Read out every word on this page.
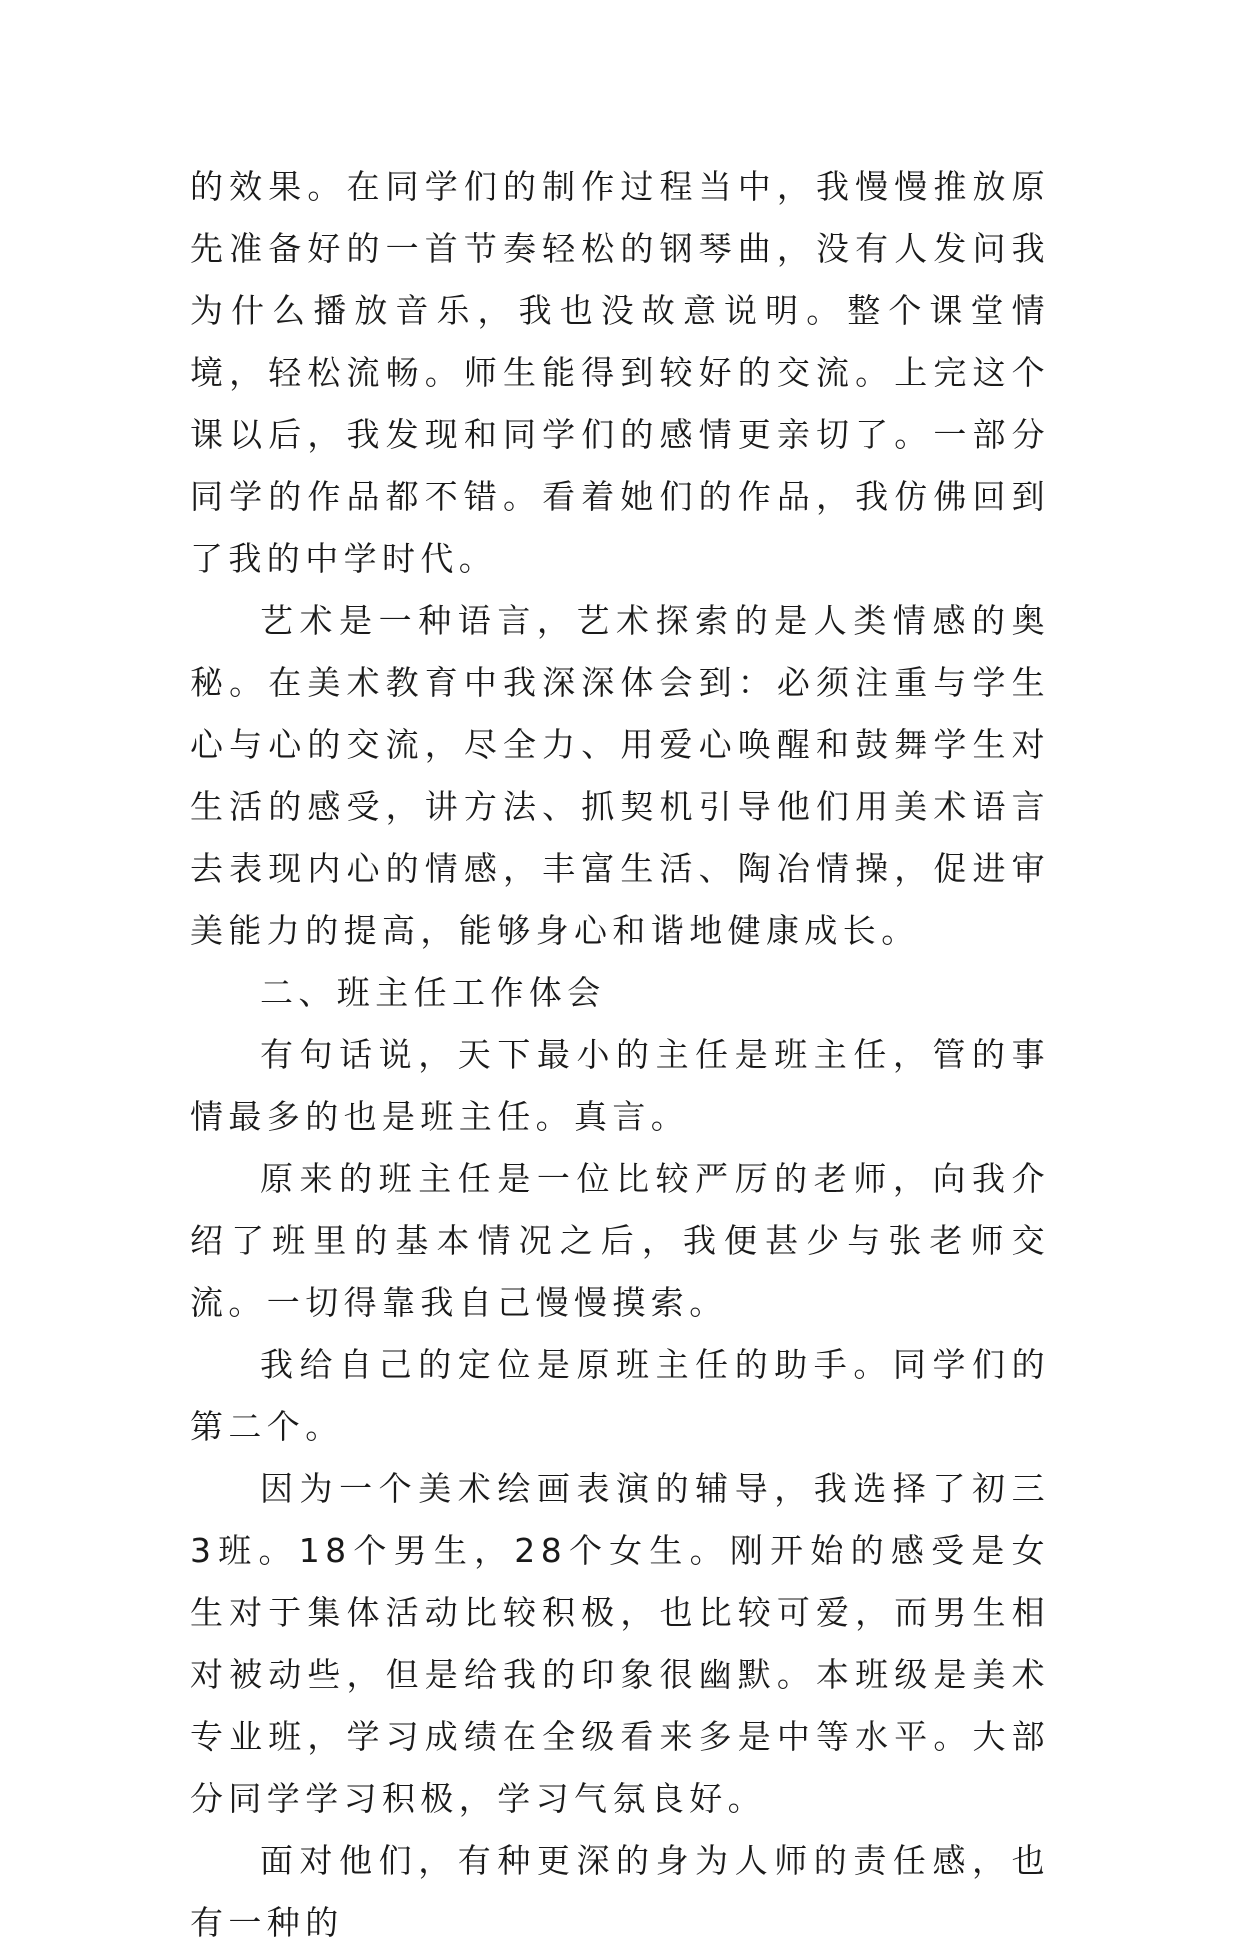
的效果。在同学们的制作过程当中，我慢慢推放原先准备好的一首节奏轻松的钢琴曲，没有人发问我为什么播放音乐，我也没故意说明。整个课堂情境，轻松流畅。师生能得到较好的交流。上完这个课以后，我发现和同学们的感情更亲切了。一部分同学的作品都不错。看着她们的作品，我仿佛回到了我的中学时代。

艺术是一种语言，艺术探索的是人类情感的奥秘。在美术教育中我深深体会到：必须注重与学生心与心的交流，尽全力、用爱心唤醒和鼓舞学生对生活的感受，讲方法、抓契机引导他们用美术语言去表现内心的情感，丰富生活、陶冶情操，促进审美能力的提高，能够身心和谐地健康成长。

二、班主任工作体会

有句话说，天下最小的主任是班主任，管的事情最多的也是班主任。真言。

原来的班主任是一位比较严厉的老师，向我介绍了班里的基本情况之后，我便甚少与张老师交流。一切得靠我自己慢慢摸索。

我给自己的定位是原班主任的助手。同学们的第二个。

因为一个美术绘画表演的辅导，我选择了初三3班。18个男生，28个女生。刚开始的感受是女生对于集体活动比较积极，也比较可爱，而男生相对被动些，但是给我的印象很幽默。本班级是美术专业班，学习成绩在全级看来多是中等水平。大部分同学学习积极，学习气氛良好。

面对他们，有种更深的身为人师的责任感，也有一种的
